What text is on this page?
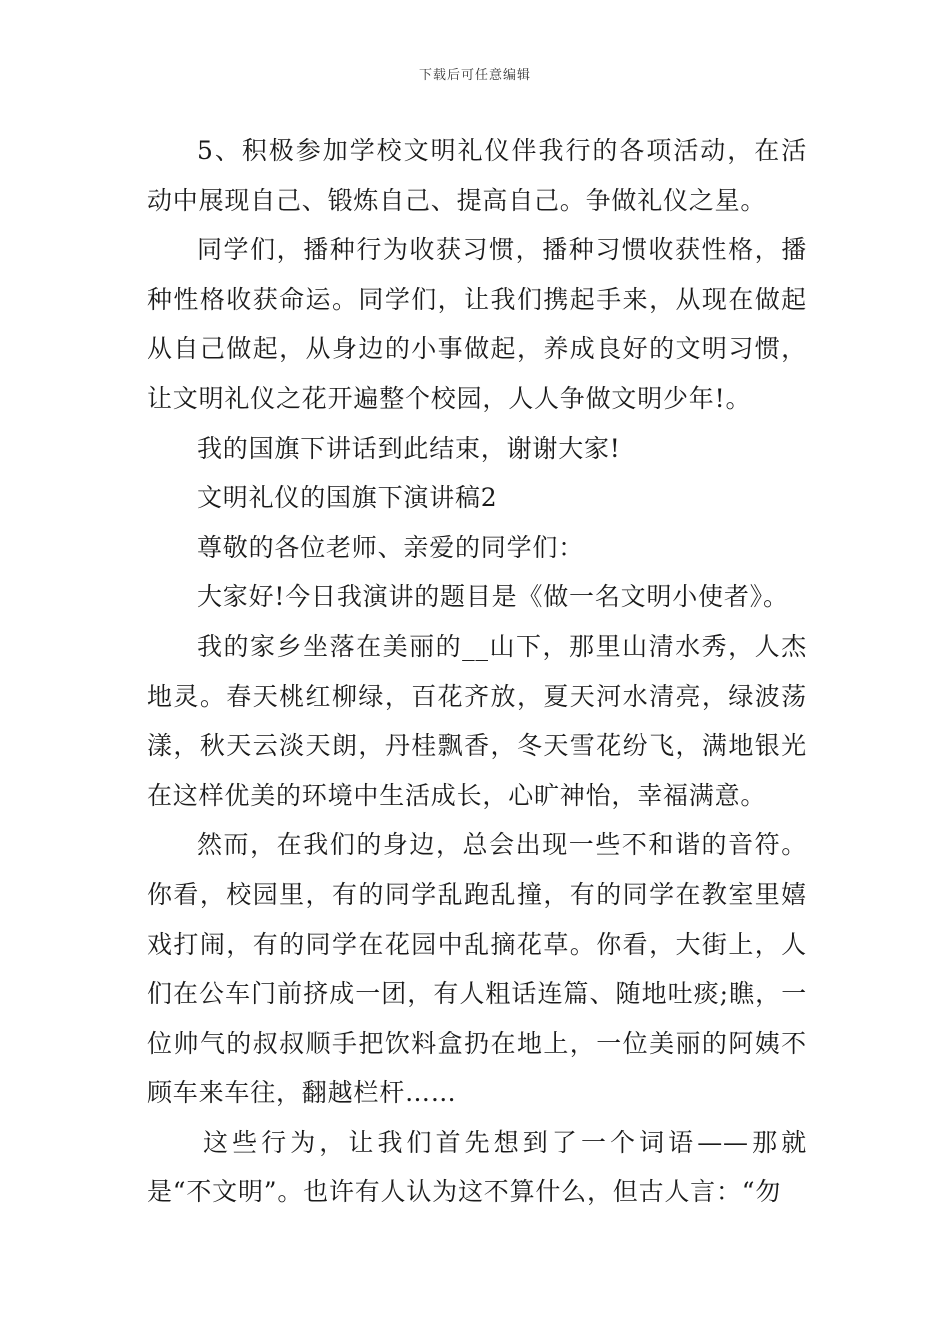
下载后可任意编辑

5、积极参加学校文明礼仪伴我行的各项活动，在活动中展现自己、锻炼自己、提高自己。争做礼仪之星。

同学们，播种行为收获习惯，播种习惯收获性格，播种性格收获命运。同学们，让我们携起手来，从现在做起从自己做起，从身边的小事做起，养成良好的文明习惯，让文明礼仪之花开遍整个校园，人人争做文明少年!。

我的国旗下讲话到此结束，谢谢大家!

文明礼仪的国旗下演讲稿2

尊敬的各位老师、亲爱的同学们：

大家好!今日我演讲的题目是《做一名文明小使者》。

我的家乡坐落在美丽的__山下，那里山清水秀，人杰地灵。春天桃红柳绿，百花齐放，夏天河水清亮，绿波荡漾，秋天云淡天朗，丹桂飘香，冬天雪花纷飞，满地银光在这样优美的环境中生活成长，心旷神怡，幸福满意。

然而，在我们的身边，总会出现一些不和谐的音符。你看，校园里，有的同学乱跑乱撞，有的同学在教室里嬉戏打闹，有的同学在花园中乱摘花草。你看，大街上，人们在公车门前挤成一团，有人粗话连篇、随地吐痰;瞧，一位帅气的叔叔顺手把饮料盒扔在地上，一位美丽的阿姨不顾车来车往，翻越栏杆……

这些行为，让我们首先想到了一个词语——那就是“不文明”。也许有人认为这不算什么，但古人言：“勿
